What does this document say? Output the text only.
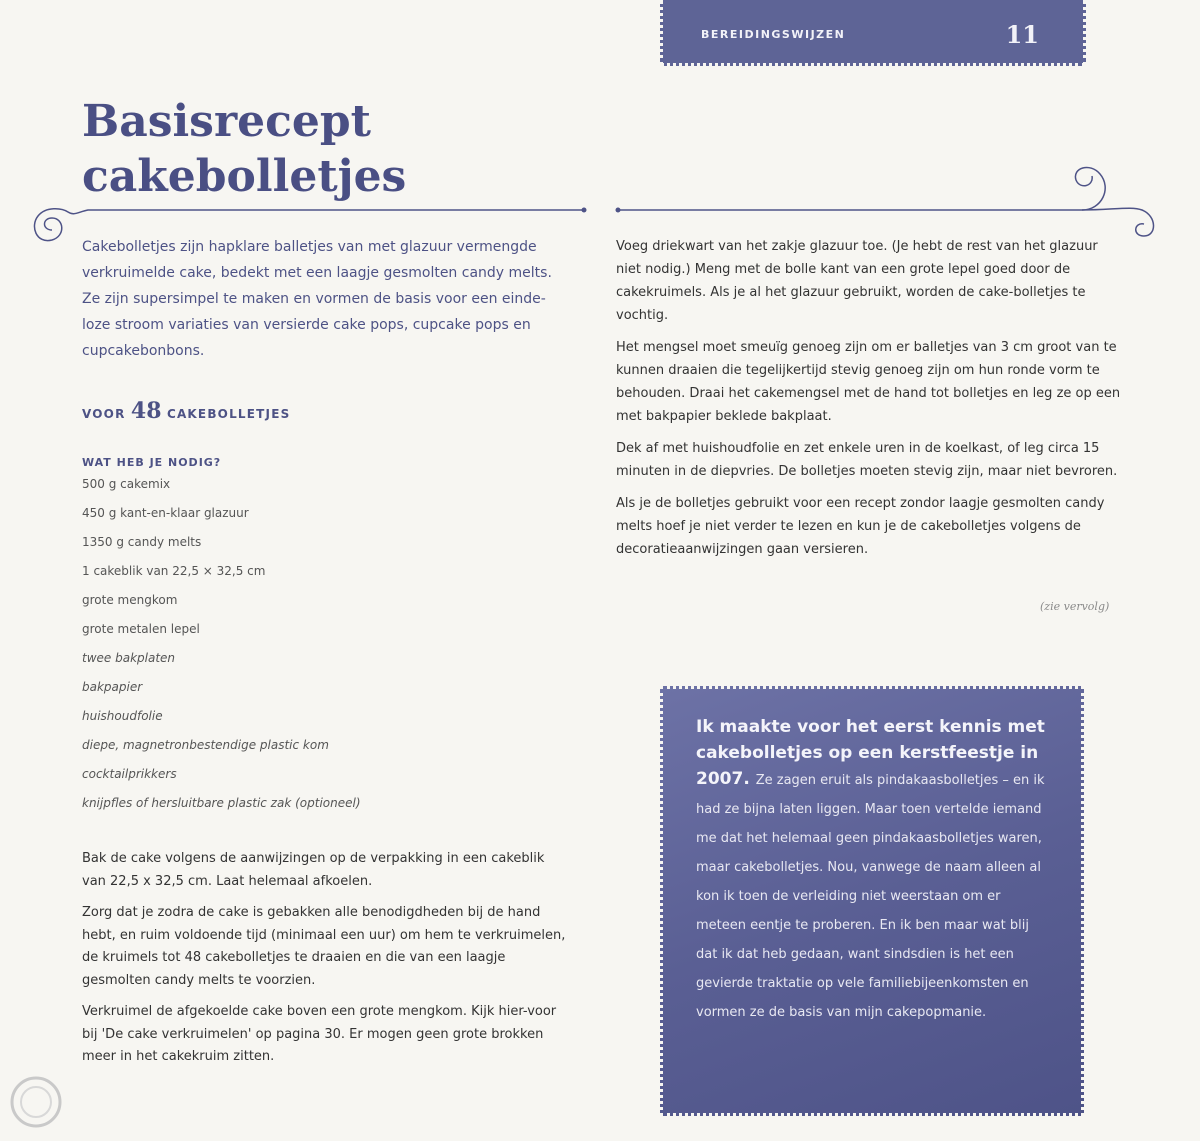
BEREIDINGSWIJZEN	11
Basisrecept
cakebolletjes
Cakebolletjes zijn hapklare balletjes van met glazuur vermengde
verkruimelde cake, bedekt met een laagje gesmolten candy melts.
Ze zijn supersimpel te maken en vormen de basis voor een einde-
loze stroom variaties van versierde cake pops, cupcake pops en
cupcakebonbons.
VOOR 48 CAKEBOLLETJES
WAT HEB JE NODIG?
500 g cakemix
450 g kant-en-klaar glazuur
1350 g candy melts
1 cakeblik van 22,5 × 32,5 cm
grote mengkom
grote metalen lepel
twee bakplaten
bakpapier
huishoudfolie
diepe, magnetronbestendige plastic kom
cocktailprikkers
knijpfles of hersluitbare plastic zak (optioneel)

Bak de cake volgens de aanwijzingen op de verpakking in een cakeblik van 22,5 x 32,5 cm. Laat helemaal afkoelen.

Zorg dat je zodra de cake is gebakken alle benodigdheden bij de hand hebt, en ruim voldoende tijd (minimaal een uur) om hem te verkruimelen, de kruimels tot 48 cakebolletjes te draaien en die van een laagje gesmolten candy melts te voorzien.

Verkruimel de afgekoelde cake boven een grote mengkom. Kijk hier-voor bij 'De cake verkruimelen' op pagina 30. Er mogen geen grote brokken meer in het cakekruim zitten.

Voeg driekwart van het zakje glazuur toe. (Je hebt de rest van het glazuur niet nodig.) Meng met de bolle kant van een grote lepel goed door de cakekruimels. Als je al het glazuur gebruikt, worden de cake-bolletjes te vochtig.

Het mengsel moet smeuïg genoeg zijn om er balletjes van 3 cm groot van te kunnen draaien die tegelijkertijd stevig genoeg zijn om hun ronde vorm te behouden. Draai het cakemengsel met de hand tot bolletjes en leg ze op een met bakpapier beklede bakplaat.

Dek af met huishoudfolie en zet enkele uren in de koelkast, of leg circa 15 minuten in de diepvries. De bolletjes moeten stevig zijn, maar niet bevroren.

Als je de bolletjes gebruikt voor een recept zondor laagje gesmolten candy melts hoef je niet verder te lezen en kun je de cakebolletjes volgens de decoratieaanwijzingen gaan versieren.

(zie vervolg)

Ik maakte voor het eerst kennis met cakebolletjes op een kerstfeestje in 2007. Ze zagen eruit als pindakaasbolletjes – en ik had ze bijna laten liggen. Maar toen vertelde iemand me dat het helemaal geen pindakaasbolletjes waren, maar cakebolletjes. Nou, vanwege de naam alleen al kon ik toen de verleiding niet weerstaan om er meteen eentje te proberen. En ik ben maar wat blij dat ik dat heb gedaan, want sindsdien is het een gevierde traktatie op vele familiebijeenkomsten en vormen ze de basis van mijn cakepopmanie.
